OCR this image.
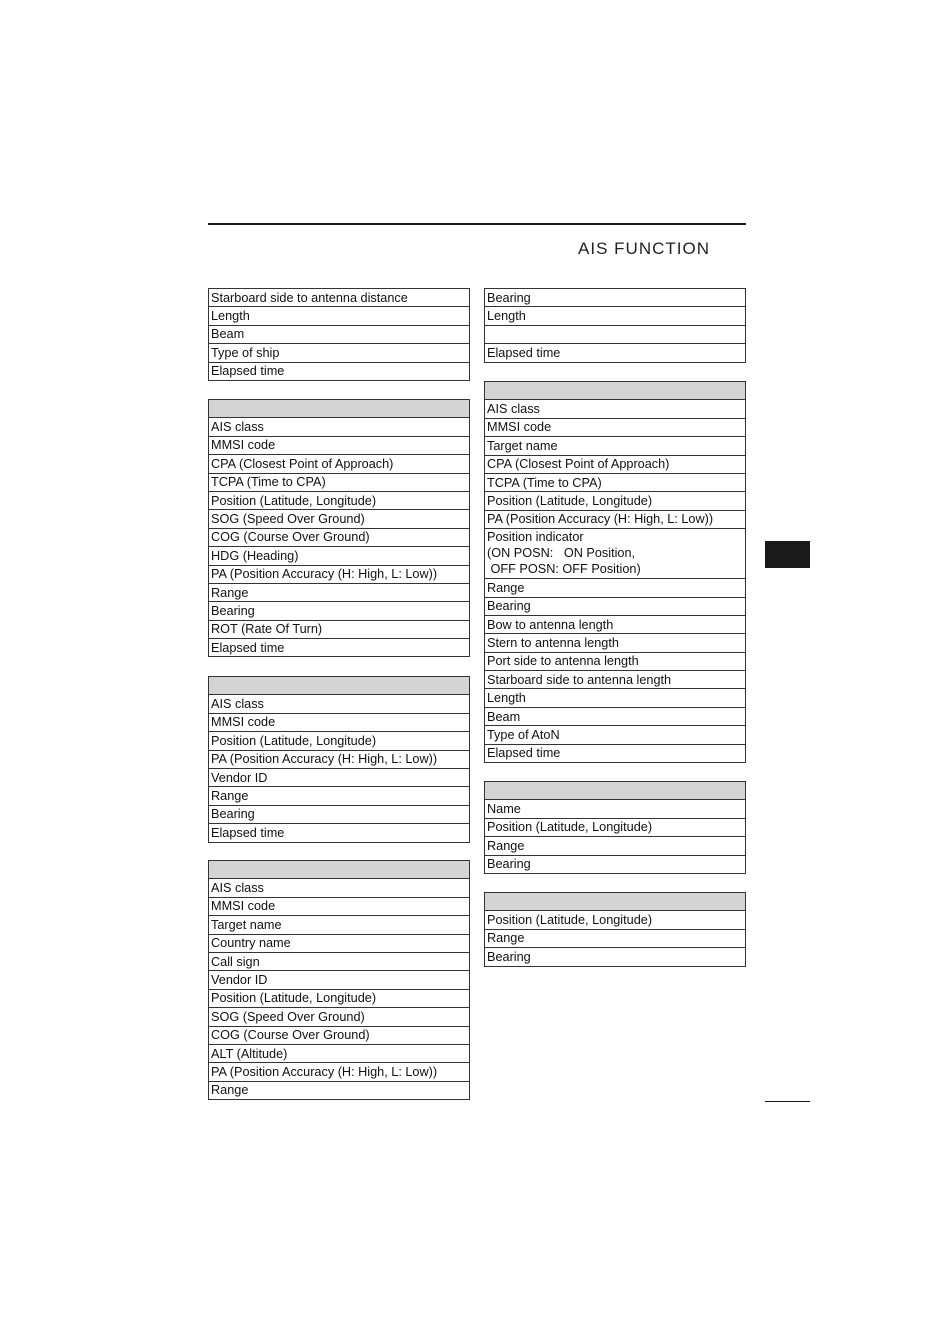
AIS FUNCTION
Starboard side to antenna distance
Length
Beam
Type of ship
Elapsed time

AIS class
MMSI code
CPA (Closest Point of Approach)
TCPA (Time to CPA)
Position (Latitude, Longitude)
SOG (Speed Over Ground)
COG (Course Over Ground)
HDG (Heading)
PA (Position Accuracy (H: High, L: Low))
Range
Bearing
ROT (Rate Of Turn)
Elapsed time

AIS class
MMSI code
Position (Latitude, Longitude)
PA (Position Accuracy (H: High, L: Low))
Vendor ID
Range
Bearing
Elapsed time

AIS class
MMSI code
Target name
Country name
Call sign
Vendor ID
Position (Latitude, Longitude)
SOG (Speed Over Ground)
COG (Course Over Ground)
ALT (Altitude)
PA (Position Accuracy (H: High, L: Low))
Range
Bearing
Length

Elapsed time

AIS class
MMSI code
Target name
CPA (Closest Point of Approach)
TCPA (Time to CPA)
Position (Latitude, Longitude)
PA (Position Accuracy (H: High, L: Low))
Position indicator
(ON POSN:   ON Position,
OFF POSN: OFF Position)
Range
Bearing
Bow to antenna length
Stern to antenna length
Port side to antenna length
Starboard side to antenna length
Length
Beam
Type of AtoN
Elapsed time

Name
Position (Latitude, Longitude)
Range
Bearing

Position (Latitude, Longitude)
Range
Bearing
